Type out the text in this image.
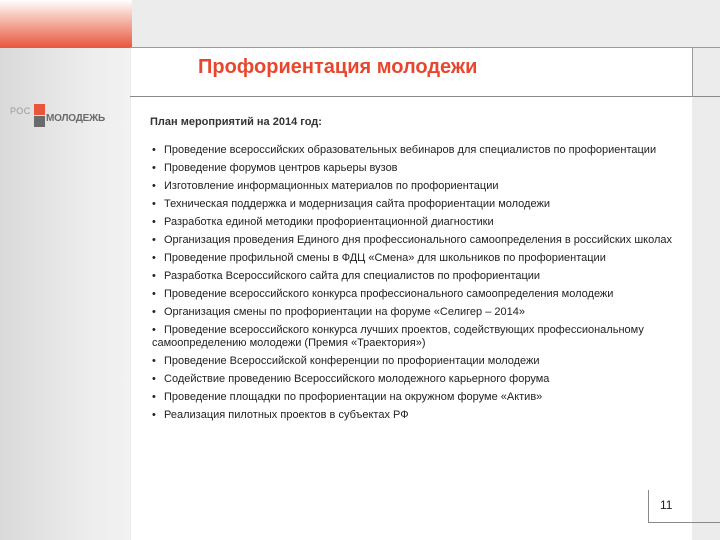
РОС
МОЛОДЕЖЬ
Профориентация молодежи
План мероприятий на 2014 год:
• Проведение всероссийских образовательных вебинаров для специалистов по профориентации
• Проведение форумов центров карьеры вузов
• Изготовление информационных материалов по профориентации
• Техническая поддержка и модернизация сайта профориентации молодежи
• Разработка единой методики профориентационной диагностики
• Организация проведения Единого дня профессионального самоопределения в российских школах
• Проведение профильной смены в ФДЦ «Смена» для школьников по профориентации
• Разработка Всероссийского сайта для специалистов по профориентации
• Проведение всероссийского конкурса профессионального самоопределения молодежи
• Организация смены по профориентации на форуме «Селигер – 2014»
• Проведение всероссийского конкурса лучших проектов, содействующих профессиональному самоопределению молодежи (Премия «Траектория»)
• Проведение Всероссийской конференции по профориентации молодежи
• Содействие проведению Всероссийского молодежного карьерного форума
• Проведение площадки по профориентации на окружном форуме «Актив»
• Реализация пилотных проектов в субъектах РФ
11
